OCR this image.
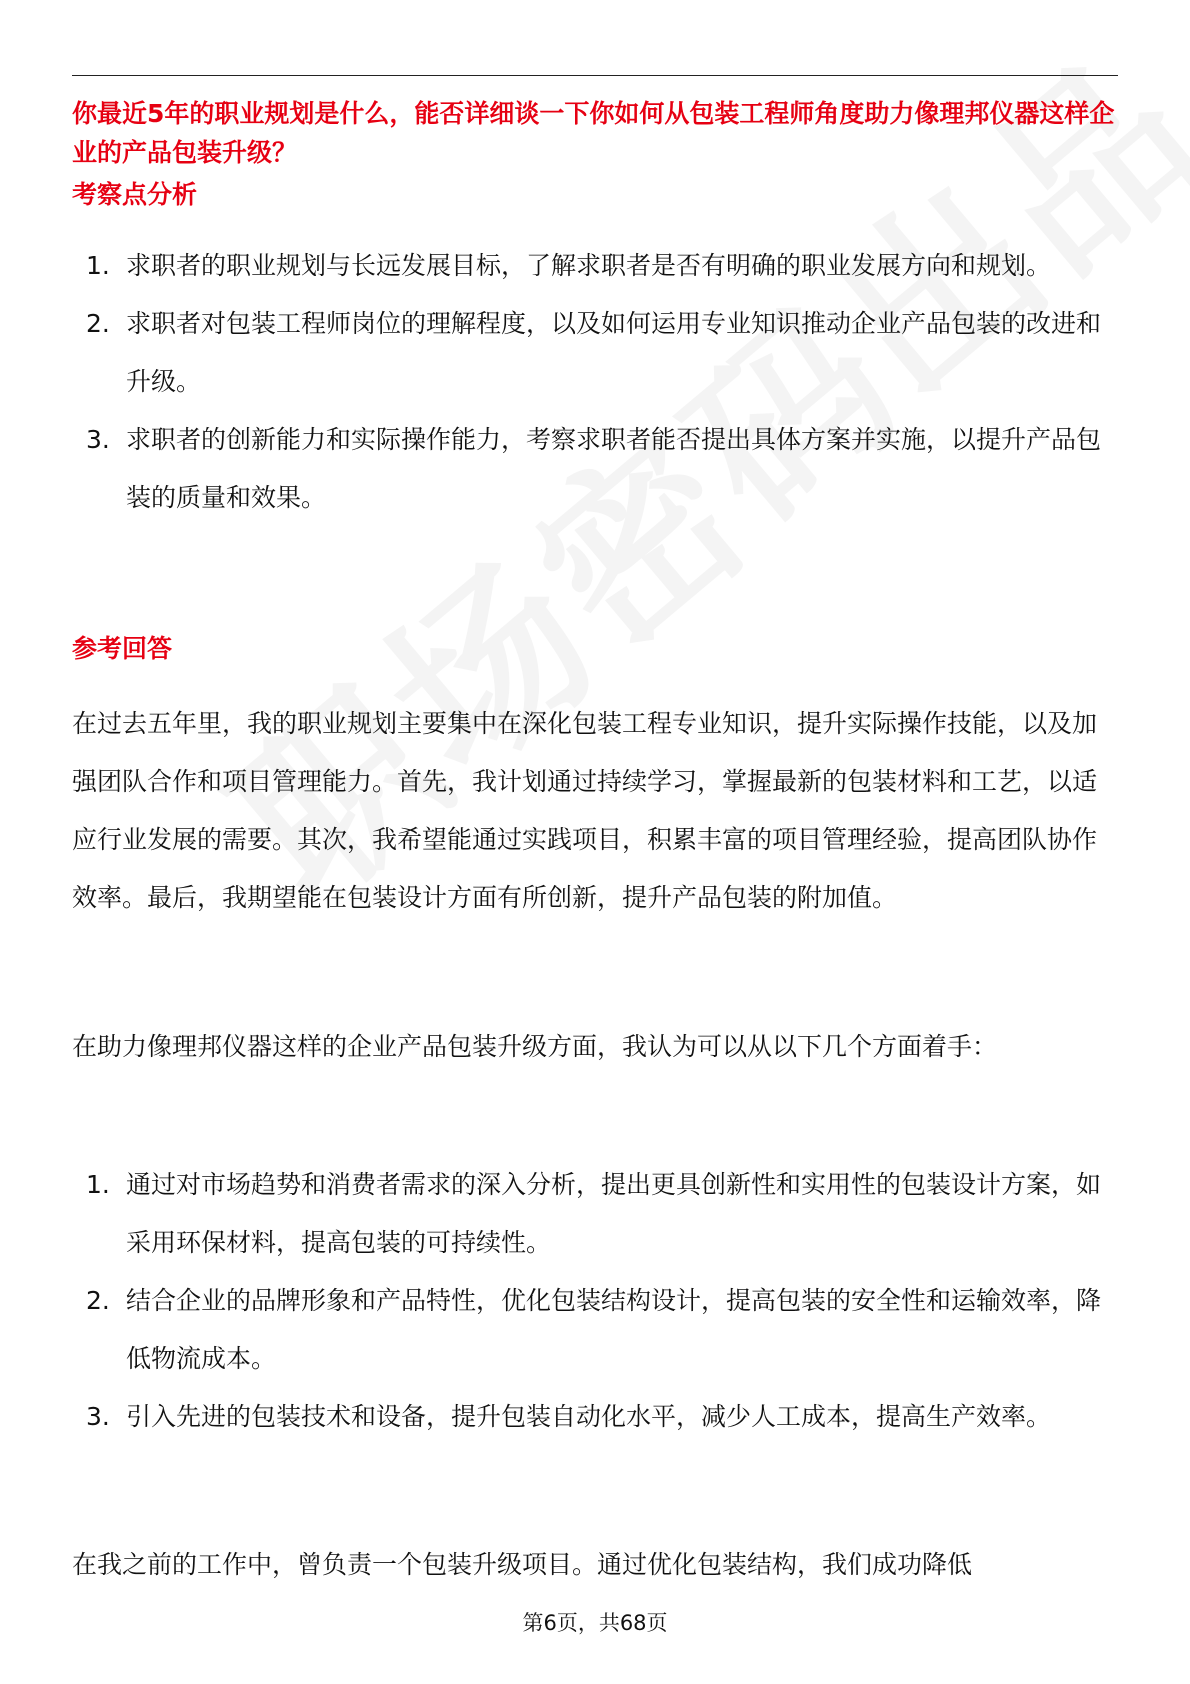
你最近5年的职业规划是什么，能否详细谈一下你如何从包装工程师角度助力像理邦仪器这样企业的产品包装升级？
考察点分析
1. 求职者的职业规划与长远发展目标，了解求职者是否有明确的职业发展方向和规划。
2. 求职者对包装工程师岗位的理解程度，以及如何运用专业知识推动企业产品包装的改进和升级。
3. 求职者的创新能力和实际操作能力，考察求职者能否提出具体方案并实施，以提升产品包装的质量和效果。
参考回答

在过去五年里，我的职业规划主要集中在深化包装工程专业知识，提升实际操作技能，以及加强团队合作和项目管理能力。首先，我计划通过持续学习，掌握最新的包装材料和工艺，以适应行业发展的需要。其次，我希望能通过实践项目，积累丰富的项目管理经验，提高团队协作效率。最后，我期望能在包装设计方面有所创新，提升产品包装的附加值。

在助力像理邦仪器这样的企业产品包装升级方面，我认为可以从以下几个方面着手：

1. 通过对市场趋势和消费者需求的深入分析，提出更具创新性和实用性的包装设计方案，如采用环保材料，提高包装的可持续性。
2. 结合企业的品牌形象和产品特性，优化包装结构设计，提高包装的安全性和运输效率，降低物流成本。
3. 引入先进的包装技术和设备，提升包装自动化水平，减少人工成本，提高生产效率。

在我之前的工作中，曾负责一个包装升级项目。通过优化包装结构，我们成功降低

第6页，共68页
